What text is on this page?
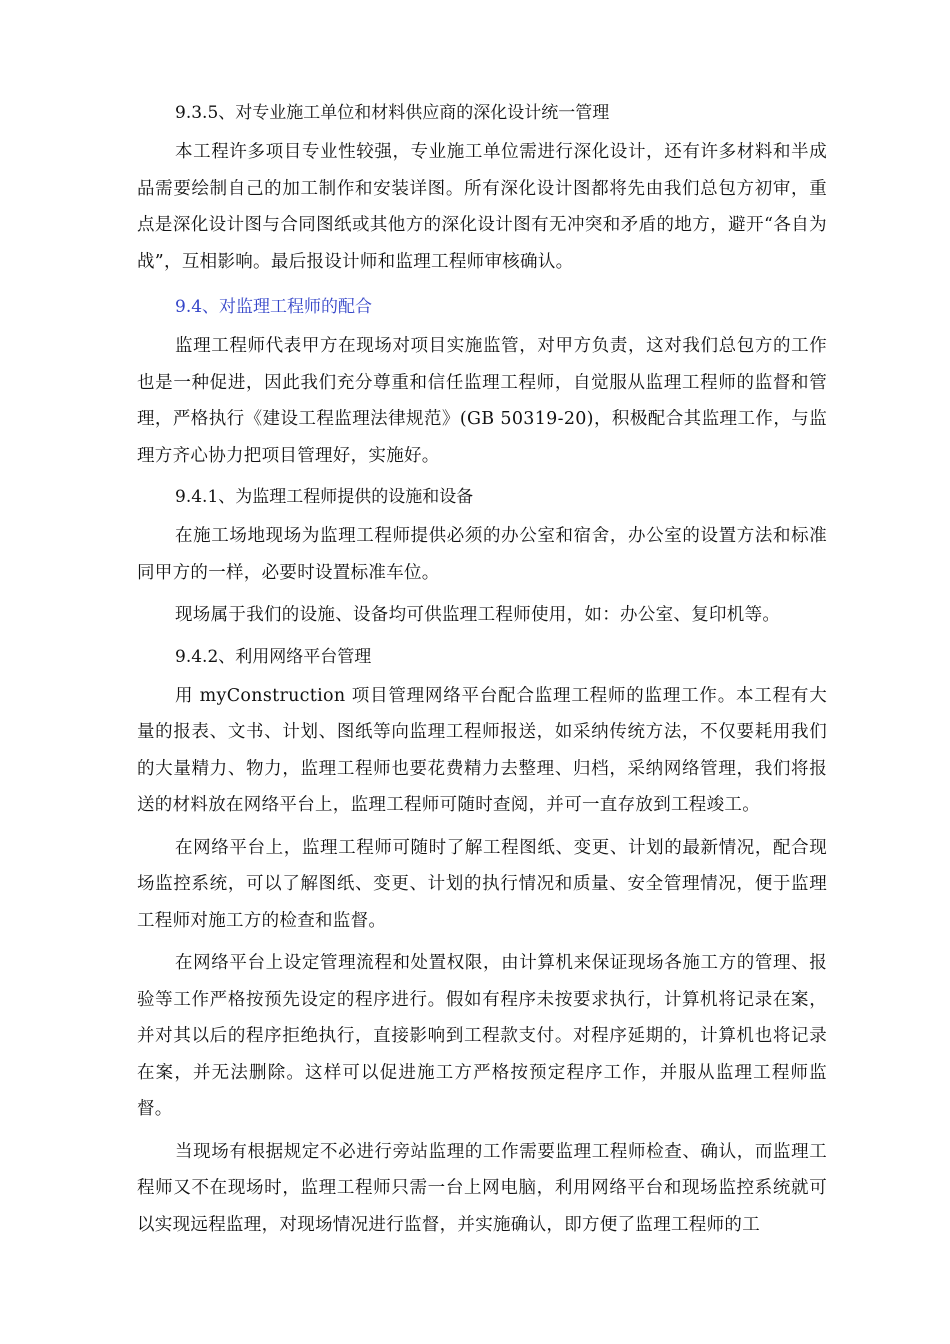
9.3.5、对专业施工单位和材料供应商的深化设计统一管理

本工程许多项目专业性较强，专业施工单位需进行深化设计，还有许多材料和半成品需要绘制自己的加工制作和安装详图。所有深化设计图都将先由我们总包方初审，重点是深化设计图与合同图纸或其他方的深化设计图有无冲突和矛盾的地方，避开“各自为战”，互相影响。最后报设计师和监理工程师审核确认。

9.4、对监理工程师的配合

监理工程师代表甲方在现场对项目实施监管，对甲方负责，这对我们总包方的工作也是一种促进，因此我们充分尊重和信任监理工程师，自觉服从监理工程师的监督和管理，严格执行《建设工程监理法律规范》(GB 50319-20)，积极配合其监理工作，与监理方齐心协力把项目管理好，实施好。

9.4.1、为监理工程师提供的设施和设备

在施工场地现场为监理工程师提供必须的办公室和宿舍，办公室的设置方法和标准同甲方的一样，必要时设置标准车位。

现场属于我们的设施、设备均可供监理工程师使用，如：办公室、复印机等。

9.4.2、利用网络平台管理

用 myConstruction 项目管理网络平台配合监理工程师的监理工作。本工程有大量的报表、文书、计划、图纸等向监理工程师报送，如采纳传统方法，不仅要耗用我们的大量精力、物力，监理工程师也要花费精力去整理、归档，采纳网络管理，我们将报送的材料放在网络平台上，监理工程师可随时查阅，并可一直存放到工程竣工。

在网络平台上，监理工程师可随时了解工程图纸、变更、计划的最新情况，配合现场监控系统，可以了解图纸、变更、计划的执行情况和质量、安全管理情况，便于监理工程师对施工方的检查和监督。

在网络平台上设定管理流程和处置权限，由计算机来保证现场各施工方的管理、报验等工作严格按预先设定的程序进行。假如有程序未按要求执行，计算机将记录在案，并对其以后的程序拒绝执行，直接影响到工程款支付。对程序延期的，计算机也将记录在案，并无法删除。这样可以促进施工方严格按预定程序工作，并服从监理工程师监督。

当现场有根据规定不必进行旁站监理的工作需要监理工程师检查、确认，而监理工程师又不在现场时，监理工程师只需一台上网电脑，利用网络平台和现场监控系统就可以实现远程监理，对现场情况进行监督，并实施确认，即方便了监理工程师的工
